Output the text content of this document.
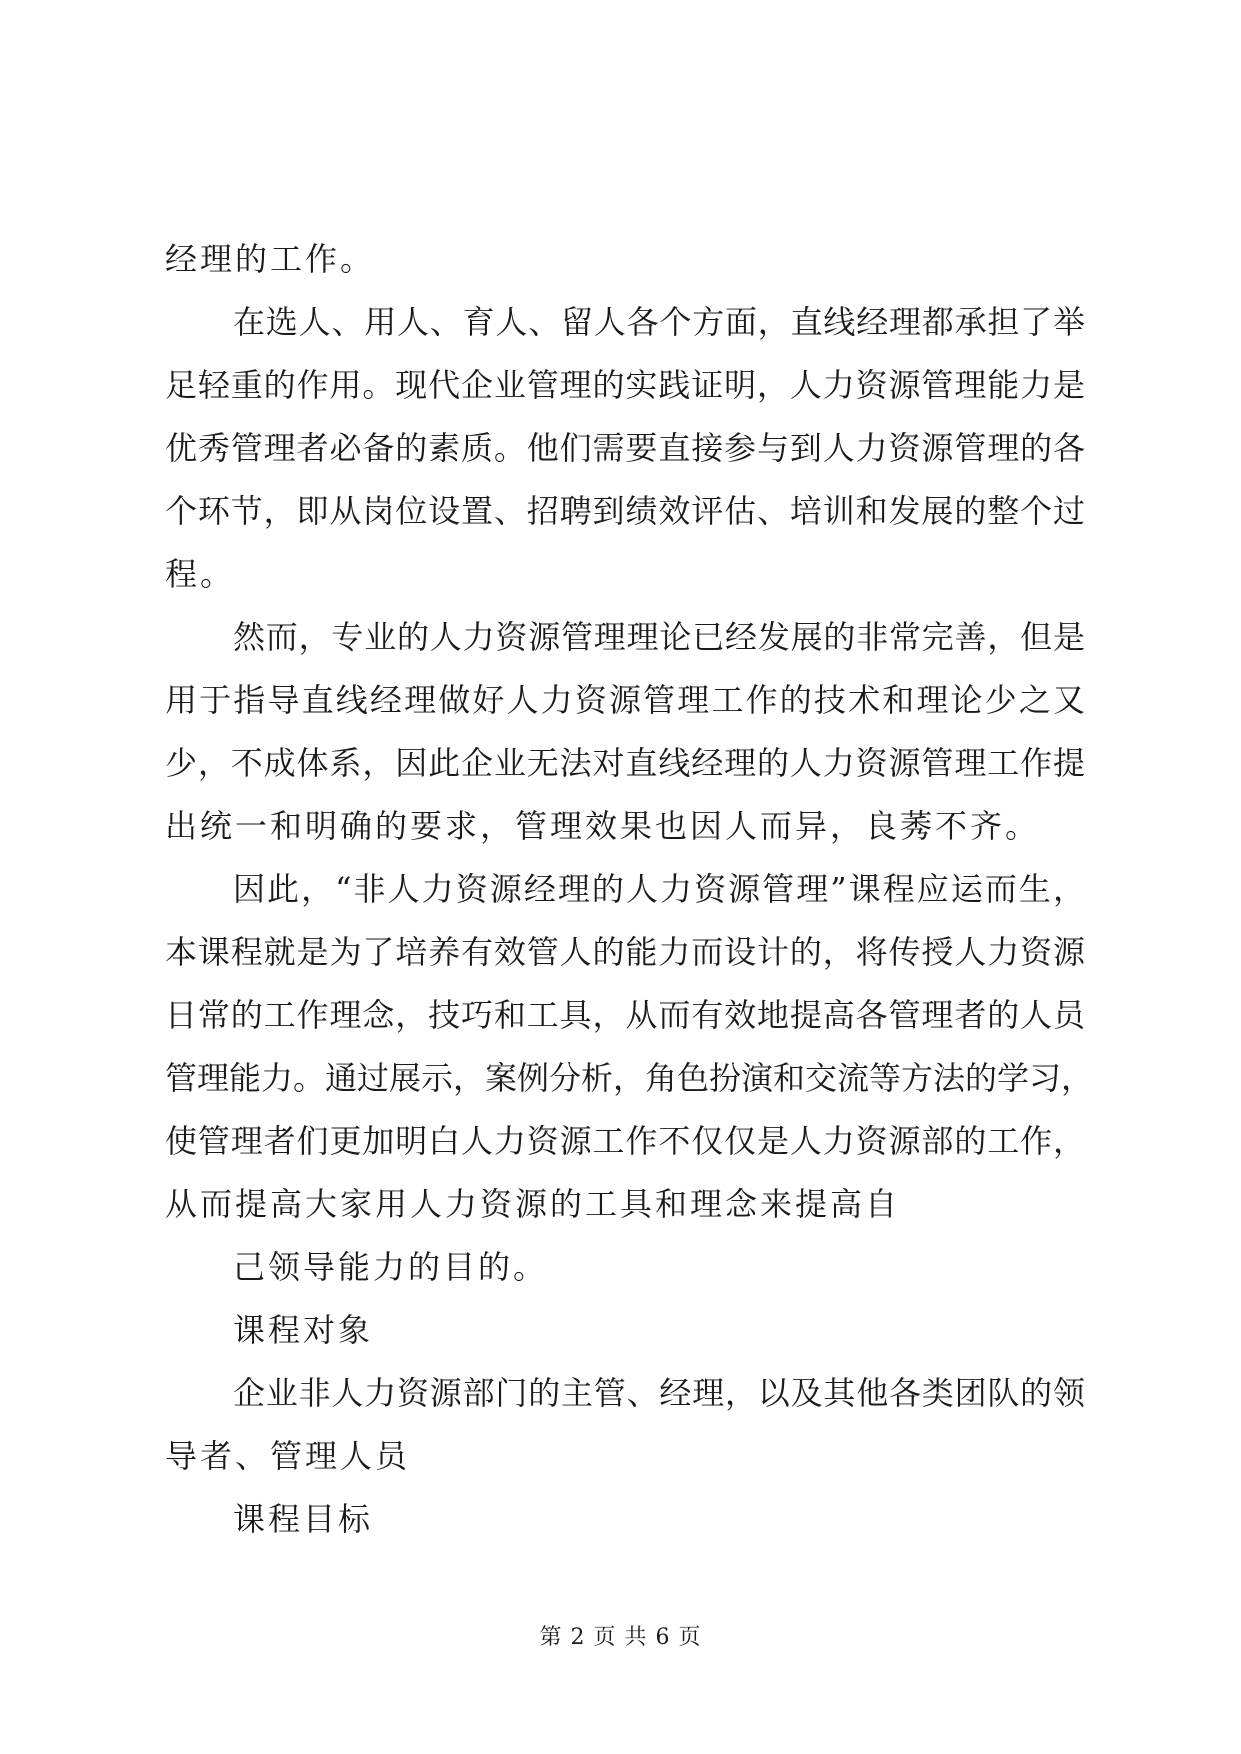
经理的工作。
在选人、用人、育人、留人各个方面，直线经理都承担了举
足轻重的作用。现代企业管理的实践证明，人力资源管理能力是
优秀管理者必备的素质。他们需要直接参与到人力资源管理的各
个环节，即从岗位设置、招聘到绩效评估、培训和发展的整个过
程。
然而，专业的人力资源管理理论已经发展的非常完善，但是
用于指导直线经理做好人力资源管理工作的技术和理论少之又
少，不成体系，因此企业无法对直线经理的人力资源管理工作提
出统一和明确的要求，管理效果也因人而异，良莠不齐。
因此，“非人力资源经理的人力资源管理”课程应运而生，
本课程就是为了培养有效管人的能力而设计的，将传授人力资源
日常的工作理念，技巧和工具，从而有效地提高各管理者的人员
管理能力。通过展示，案例分析，角色扮演和交流等方法的学习，
使管理者们更加明白人力资源工作不仅仅是人力资源部的工作，
从而提高大家用人力资源的工具和理念来提高自
己领导能力的目的。
课程对象
企业非人力资源部门的主管、经理，以及其他各类团队的领
导者、管理人员
课程目标
第 2 页 共 6 页
